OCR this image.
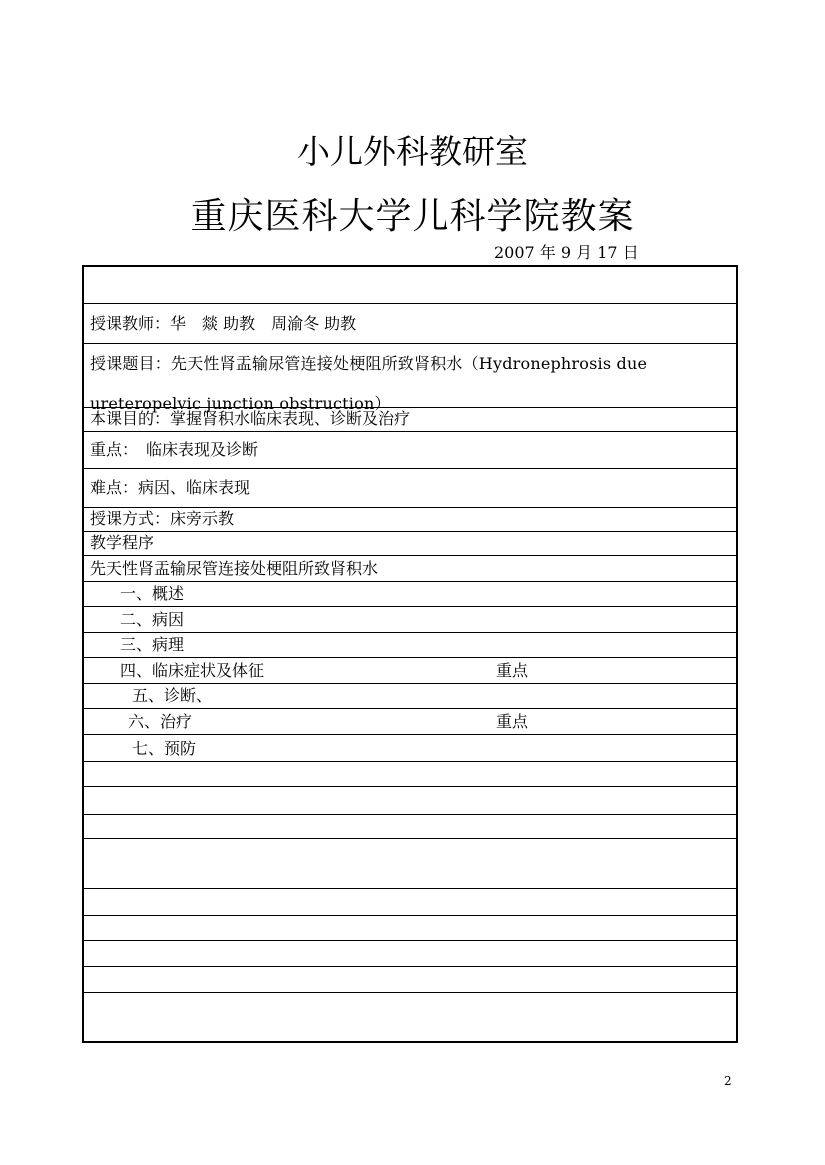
小儿外科教研室
重庆医科大学儿科学院教案
2007 年 9 月 17 日
授课教师：华　燚 助教　周渝冬 助教
授课题目：先天性肾盂输尿管连接处梗阻所致肾积水（Hydronephrosis due
ureteropelvic junction obstruction）
本课目的：掌握肾积水临床表现、诊断及治疗
重点：　临床表现及诊断
难点：病因、临床表现
授课方式：床旁示教
教学程序
先天性肾盂输尿管连接处梗阻所致肾积水
一、概述
二、病因
三、病理
四、临床症状及体征	重点
五、诊断、
六、治疗	重点
七、预防
2
